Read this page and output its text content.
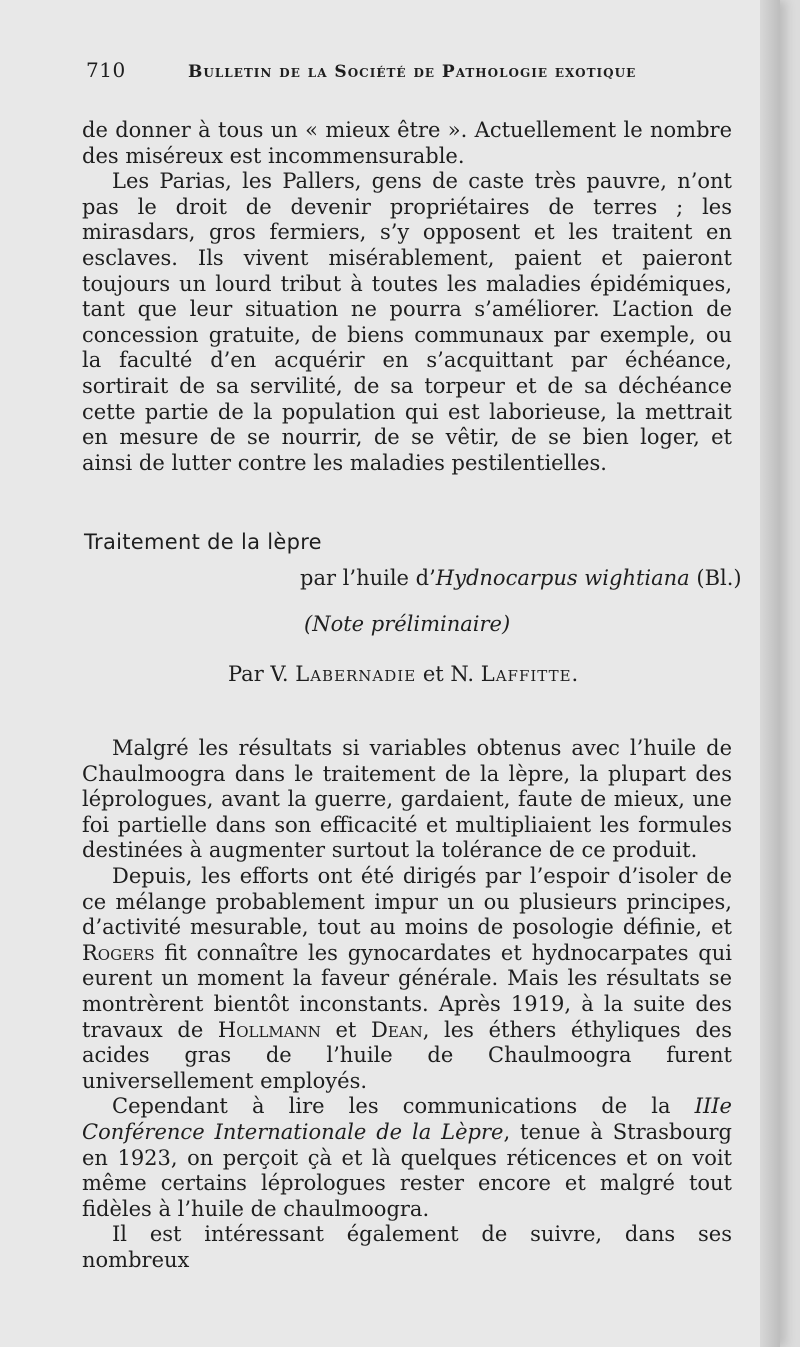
710	Bulletin de la Société de Pathologie exotique

de donner à tous un « mieux être ». Actuellement le nombre des miséreux est incommensurable.

Les Parias, les Pallers, gens de caste très pauvre, n’ont pas le droit de devenir propriétaires de terres ; les mirasdars, gros fermiers, s’y opposent et les traitent en esclaves. Ils vivent misérablement, paient et paieront toujours un lourd tribut à toutes les maladies épidémiques, tant que leur situation ne pourra s’améliorer. L’action de concession gratuite, de biens communaux par exemple, ou la faculté d’en acquérir en s’acquittant par échéance, sortirait de sa servilité, de sa torpeur et de sa déchéance cette partie de la population qui est laborieuse, la mettrait en mesure de se nourrir, de se vêtir, de se bien loger, et ainsi de lutter contre les maladies pestilentielles.

Traitement de la lèpre
par l’huile d’Hydnocarpus wightiana (Bl.)
(Note préliminaire)
Par V. Labernadie et N. Laffitte.

Malgré les résultats si variables obtenus avec l’huile de Chaulmoogra dans le traitement de la lèpre, la plupart des léprologues, avant la guerre, gardaient, faute de mieux, une foi partielle dans son efficacité et multipliaient les formules destinées à augmenter surtout la tolérance de ce produit.

Depuis, les efforts ont été dirigés par l’espoir d’isoler de ce mélange probablement impur un ou plusieurs principes, d’activité mesurable, tout au moins de posologie définie, et Rogers fit connaître les gynocardates et hydnocarpates qui eurent un moment la faveur générale. Mais les résultats se montrèrent bientôt inconstants. Après 1919, à la suite des travaux de Hollmann et Dean, les éthers éthyliques des acides gras de l’huile de Chaulmoogra furent universellement employés.

Cependant à lire les communications de la IIIe Conférence Internationale de la Lèpre, tenue à Strasbourg en 1923, on perçoit çà et là quelques réticences et on voit même certains léprologues rester encore et malgré tout fidèles à l’huile de chaulmoogra.

Il est intéressant également de suivre, dans ses nombreux
